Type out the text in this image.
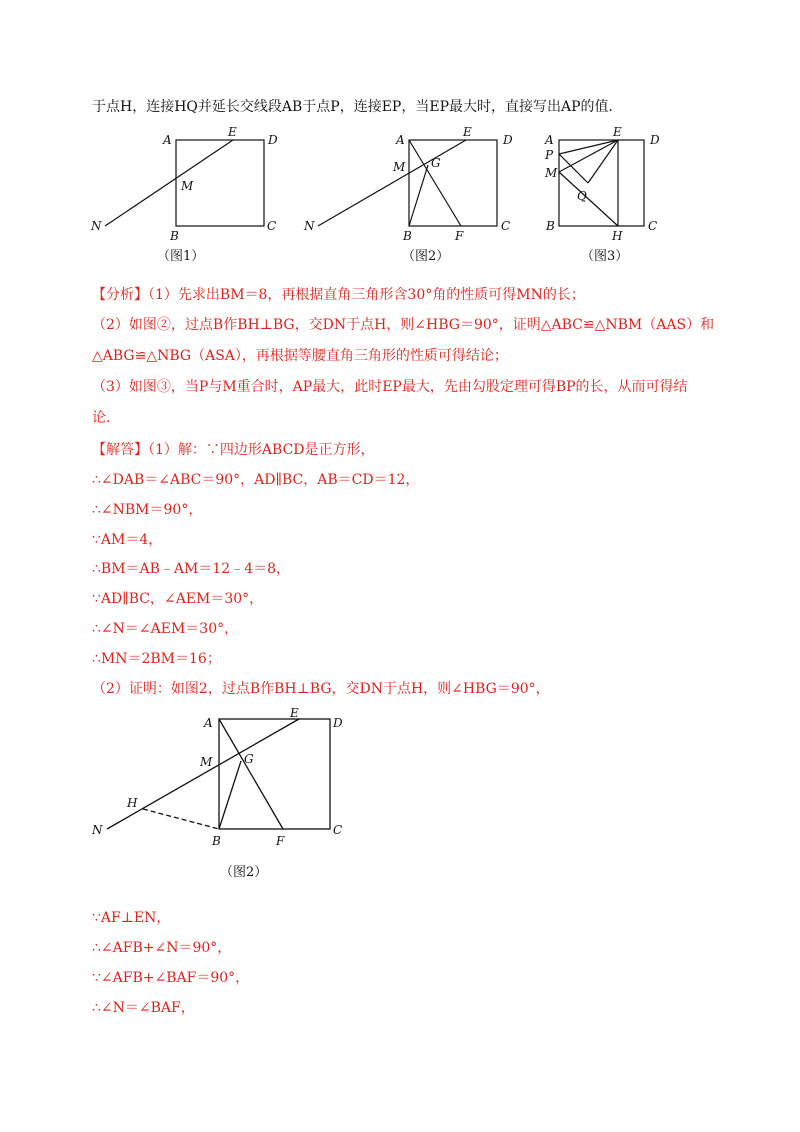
于点H，连接HQ并延长交线段AB于点P，连接EP，当EP最大时，直接写出AP的值．
A
E
D
M
N
B
C
（图1）
A
E
D
M G
N
B	F
C
（图2）
A
E
D
P
M
Q
B
H
C
（图3）
【分析】（1）先求出BM＝8，再根据直角三角形含30°角的性质可得MN的长；
（2）如图②，过点B作BH⊥BG，交DN于点H，则∠HBG＝90°，证明△ABC≌△NBM（AAS）和
△ABG≌△NBG（ASA），再根据等腰直角三角形的性质可得结论；
（3）如图③，当P与M重合时，AP最大，此时EP最大，先由勾股定理可得BP的长，从而可得结
论．
【解答】（1）解：∵四边形ABCD是正方形，
∴∠DAB＝∠ABC＝90°，AD∥BC，AB＝CD＝12，
∴∠NBM＝90°，
∵AM＝4，
∴BM＝AB﹣AM＝12﹣4＝8，
∵AD∥BC，∠AEM＝30°，
∴∠N＝∠AEM＝30°，
∴MN＝2BM＝16；
（2）证明：如图2，过点B作BH⊥BG，交DN于点H，则∠HBG＝90°，
A
E
D
M	G
H
N
B	F
C
（图2）
∵AF⊥EN，
∴∠AFB+∠N＝90°，
∵∠AFB+∠BAF＝90°，
∴∠N＝∠BAF，
